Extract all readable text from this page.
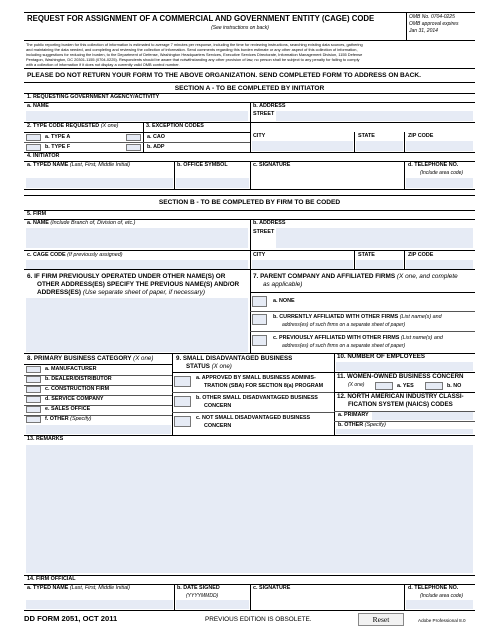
REQUEST FOR ASSIGNMENT OF A COMMERCIAL AND GOVERNMENT ENTITY (CAGE) CODE
(See instructions on back)
OMB No. 0704-0225
OMB approval expires
Jan 31, 2014
The public reporting burden for this collection of information is estimated to average 7 minutes per response, including the time for reviewing instructions, searching existing data sources, gathering
and maintaining the data needed, and completing and reviewing the collection of information. Send comments regarding this burden estimate or any other aspect of this collection of information,
including suggestions for reducing the burden, to the Department of Defense, Washington Headquarters Services, Executive Services Directorate, Information Management Division, 1155 Defense
Pentagon, Washington, DC 20301-1155 (0704-0225). Respondents should be aware that notwithstanding any other provision of law, no person shall be subject to any penalty for failing to comply
with a collection of information if it does not display a currently valid OMB control number.
PLEASE DO NOT RETURN YOUR FORM TO THE ABOVE ORGANIZATION. SEND COMPLETED FORM TO ADDRESS ON BACK.
SECTION A - TO BE COMPLETED BY INITIATOR
1. REQUESTING GOVERNMENT AGENCY/ACTIVITY
a. NAME	b. ADDRESS
STREET
2. TYPE CODE REQUESTED (X one)	3. EXCEPTION CODES
a. TYPE A	a. CAO
b. TYPE F	b. ADP
CITY	STATE	ZIP CODE
4. INITIATOR
a. TYPED NAME (Last, First, Middle Initial)	b. OFFICE SYMBOL	c. SIGNATURE	d. TELEPHONE NO.
(Include area code)
SECTION B - TO BE COMPLETED BY FIRM TO BE CODED
5. FIRM
a. NAME (Include Branch of, Division of, etc.)	b. ADDRESS
STREET
c. CAGE CODE (If previously assigned)	CITY	STATE	ZIP CODE
6. IF FIRM PREVIOUSLY OPERATED UNDER OTHER NAME(S) OR
OTHER ADDRESS(ES) SPECIFY THE PREVIOUS NAME(S) AND/OR
ADDRESS(ES) (Use separate sheet of paper, if necessary)
7. PARENT COMPANY AND AFFILIATED FIRMS (X one, and complete
as applicable)
a. NONE
b. CURRENTLY AFFILIATED WITH OTHER FIRMS (List name(s) and
address(es) of such firms on a separate sheet of paper)
c. PREVIOUSLY AFFILIATED WITH OTHER FIRMS (List name(s) and
address(es) of such firms on a separate sheet of paper)
8. PRIMARY BUSINESS CATEGORY (X one)
a. MANUFACTURER
b. DEALER/DISTRIBUTOR
c. CONSTRUCTION FIRM
d. SERVICE COMPANY
e. SALES OFFICE
f. OTHER (Specify)
9. SMALL DISADVANTAGED BUSINESS
STATUS (X one)
a. APPROVED BY SMALL BUSINESS ADMINIS-
TRATION (SBA) FOR SECTION 8(a) PROGRAM
b. OTHER SMALL DISADVANTAGED BUSINESS
CONCERN
c. NOT SMALL DISADVANTAGED BUSINESS
CONCERN
10. NUMBER OF EMPLOYEES
11. WOMEN-OWNED BUSINESS CONCERN
(X one)	a. YES	b. NO
12. NORTH AMERICAN INDUSTRY CLASSI-
FICATION SYSTEM (NAICS) CODES
a. PRIMARY
b. OTHER (Specify)
13. REMARKS
14. FIRM OFFICIAL
a. TYPED NAME (Last, First, Middle Initial)	b. DATE SIGNED
(YYYYMMDD)
c. SIGNATURE	d. TELEPHONE NO.
(Include area code)
DD FORM 2051, OCT 2011	PREVIOUS EDITION IS OBSOLETE.	Reset	Adobe Professional 8.0
